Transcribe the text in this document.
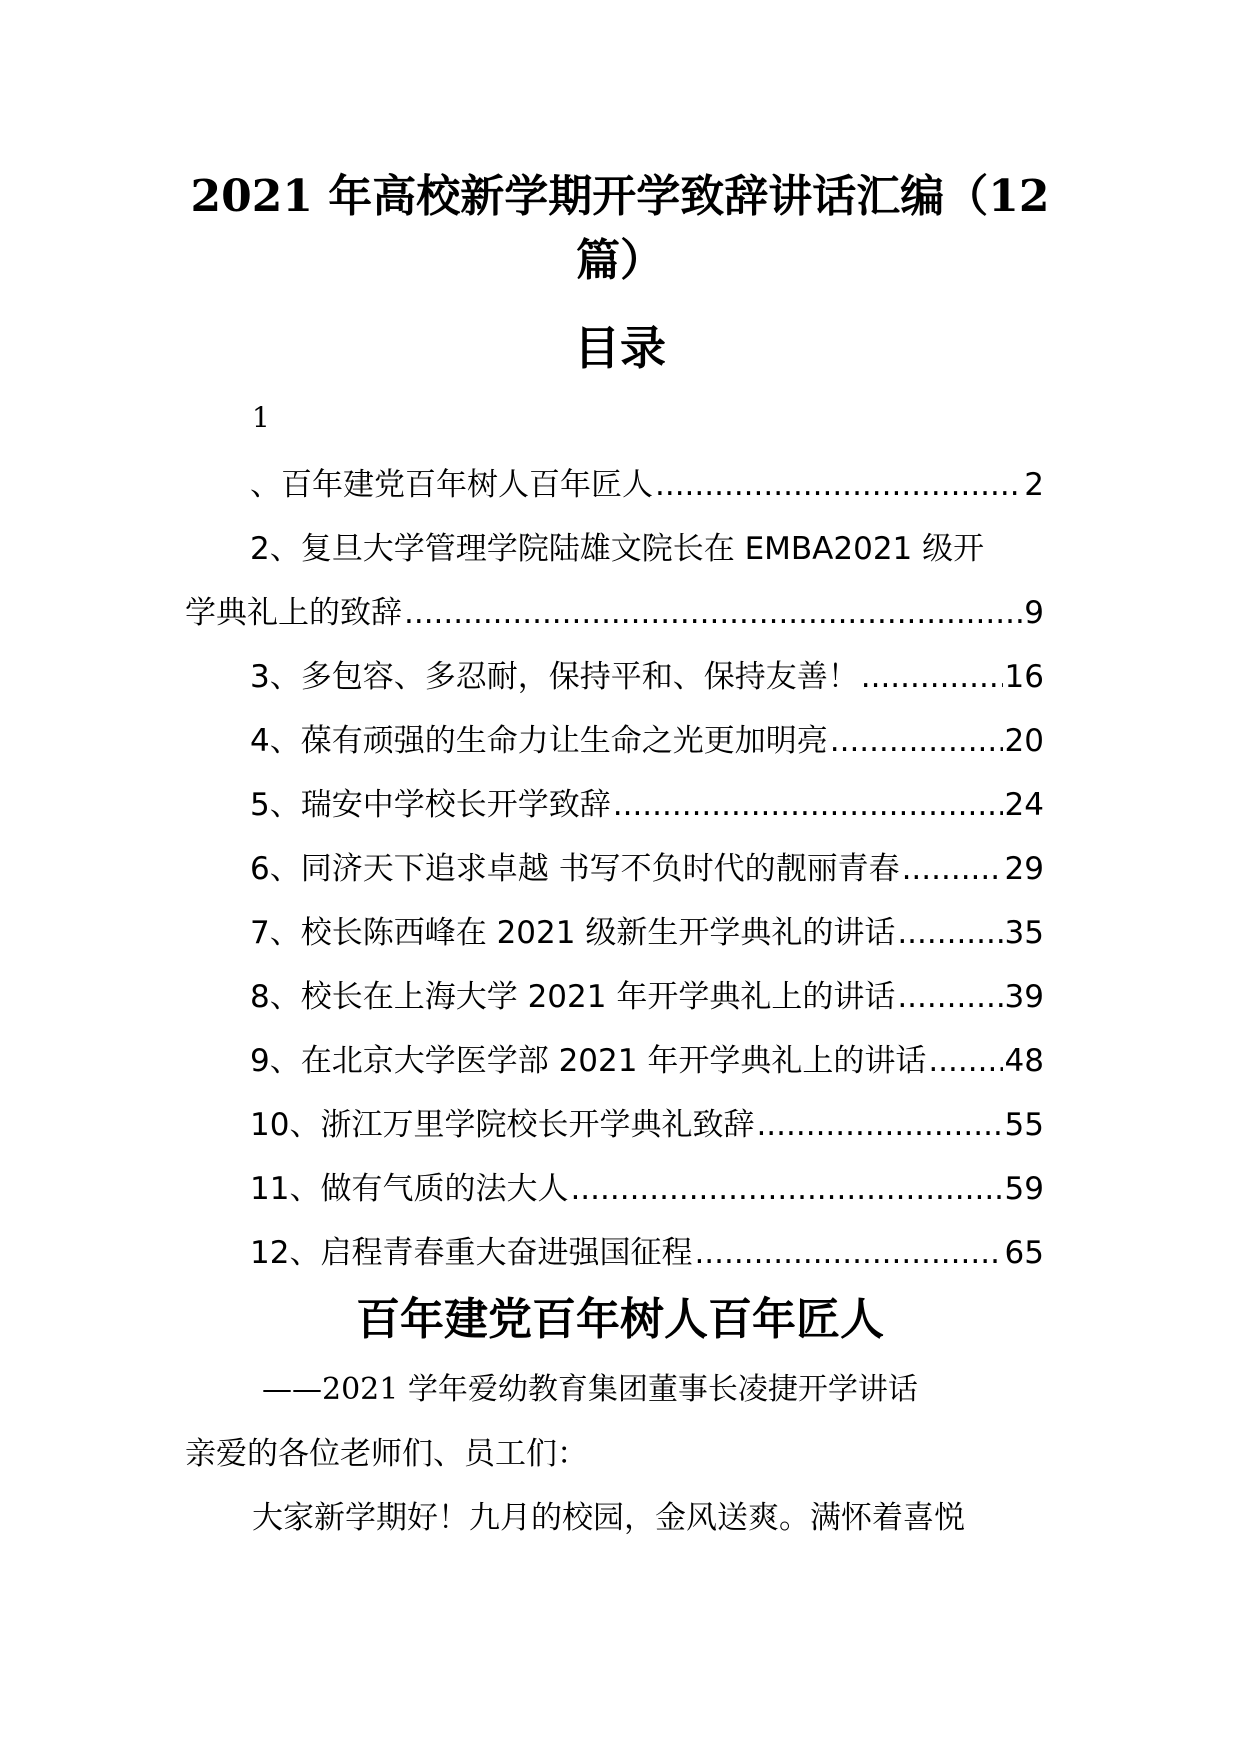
2021 年高校新学期开学致辞讲话汇编（12
篇）
目录
1
、百年建党百年树人百年匠人 .....	2
2、复旦大学管理学院陆雄文院长在 EMBA2021 级开
学典礼上的致辞 .....	9
3、多包容、多忍耐，保持平和、保持友善！ .....	16
4、葆有顽强的生命力让生命之光更加明亮 .....	20
5、瑞安中学校长开学致辞 .....	24
6、同济天下追求卓越 书写不负时代的靓丽青春 .....	29
7、校长陈西峰在 2021 级新生开学典礼的讲话 .....	35
8、校长在上海大学 2021 年开学典礼上的讲话 .....	39
9、在北京大学医学部 2021 年开学典礼上的讲话 .....	48
10、浙江万里学院校长开学典礼致辞 .....	55
11、做有气质的法大人 .....	59
12、启程青春重大奋进强国征程 .....	65
百年建党百年树人百年匠人
——2021 学年爱幼教育集团董事长凌捷开学讲话
亲爱的各位老师们、员工们：
大家新学期好！九月的校园，金风送爽。满怀着喜悦
